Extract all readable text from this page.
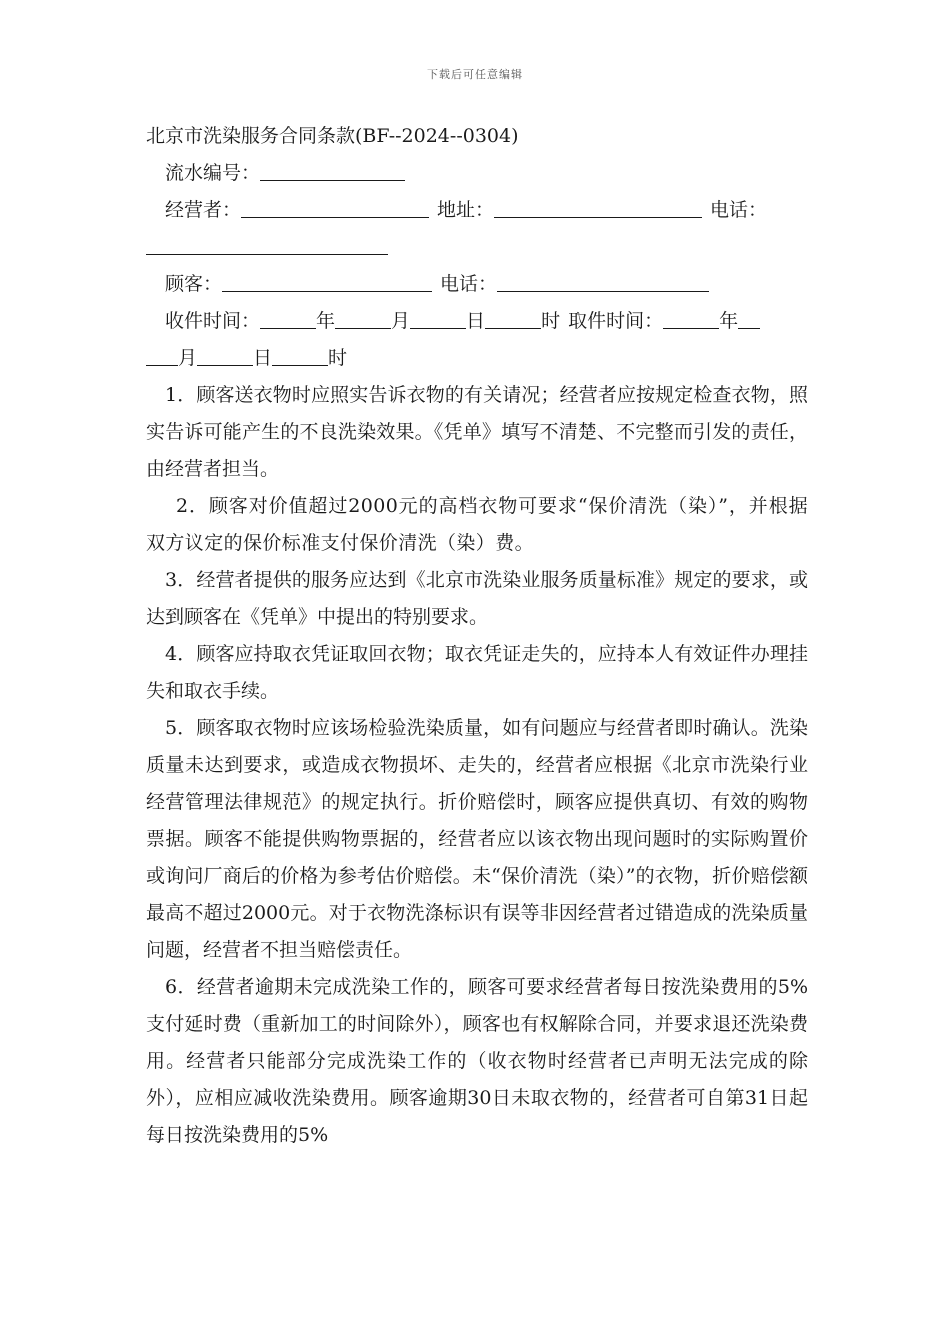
下载后可任意编辑
北京市洗染服务合同条款(BF--2024--0304)
流水编号：
经营者：	地址：	电话：
顾客：	电话：
收件时间：	年	月	日	时 取件时间：	年
月	日	时

1．顾客送衣物时应照实告诉衣物的有关请况；经营者应按规定检查衣物，照实告诉可能产生的不良洗染效果。《凭单》填写不清楚、不完整而引发的责任，由经营者担当。

2．顾客对价值超过2000元的高档衣物可要求“保价清洗（染）”，并根据双方议定的保价标准支付保价清洗（染）费。

3．经营者提供的服务应达到《北京市洗染业服务质量标准》规定的要求，或达到顾客在《凭单》中提出的特别要求。

4．顾客应持取衣凭证取回衣物；取衣凭证走失的，应持本人有效证件办理挂失和取衣手续。

5．顾客取衣物时应该场检验洗染质量，如有问题应与经营者即时确认。洗染质量未达到要求，或造成衣物损坏、走失的，经营者应根据《北京市洗染行业经营管理法律规范》的规定执行。折价赔偿时，顾客应提供真切、有效的购物票据。顾客不能提供购物票据的，经营者应以该衣物出现问题时的实际购置价或询问厂商后的价格为参考估价赔偿。未“保价清洗（染）”的衣物，折价赔偿额最高不超过2000元。对于衣物洗涤标识有误等非因经营者过错造成的洗染质量问题，经营者不担当赔偿责任。

6．经营者逾期未完成洗染工作的，顾客可要求经营者每日按洗染费用的5%支付延时费（重新加工的时间除外），顾客也有权解除合同，并要求退还洗染费用。经营者只能部分完成洗染工作的（收衣物时经营者已声明无法完成的除外），应相应减收洗染费用。顾客逾期30日未取衣物的，经营者可自第31日起每日按洗染费用的5%
